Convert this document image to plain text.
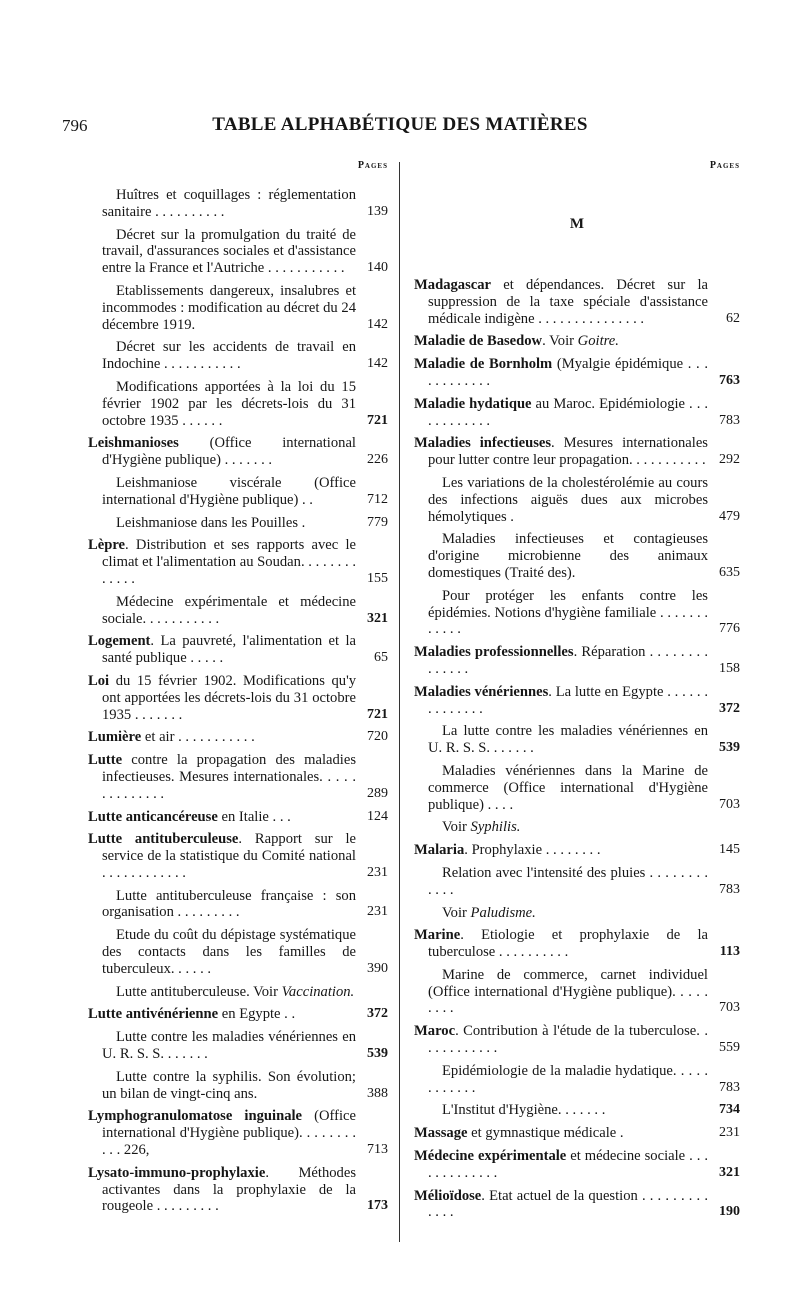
796	TABLE ALPHABÉTIQUE DES MATIÈRES
Pages
Huîtres et coquillages : réglementation sanitaire . . . . . . . . . .	139
Décret sur la promulgation du traité de travail, d'assurances sociales et d'assistance entre la France et l'Autriche . . . . . . . . . . . 140
Etablissements dangereux, insalubres et incommodes : modification au décret du 24 décembre 1919.	142
Décret sur les accidents de travail en Indochine . . . . . . . . . . .	142
Modifications apportées à la loi du 15 février 1902 par les décrets-lois du 31 octobre 1935 . . . . . .	721
Leishmanioses (Office international d'Hygiène publique) . . . . . . .	226
Leishmaniose viscérale (Office international d'Hygiène publique) . .	712
Leishmaniose dans les Pouilles .	779
Lèpre. Distribution et ses rapports avec le climat et l'alimentation au Soudan. . . . . . . . . . . . .	155
Médecine expérimentale et médecine sociale. . . . . . . . . . .	321
Logement. La pauvreté, l'alimentation et la santé publique . . . . .	65
Loi du 15 février 1902. Modifications qu'y ont apportées les décrets-lois du 31 octobre 1935 . . . . . . .	721
Lumière et air . . . . . . . . . . .	720
Lutte contre la propagation des maladies infectieuses. Mesures internationales. . . . . . . . . . . . . .	289
Lutte anticancéreuse en Italie . . .	124
Lutte antituberculeuse. Rapport sur le service de la statistique du Comité national . . . . . . . . . . . .	231
Lutte antituberculeuse française : son organisation . . . . . . . . .	231
Etude du coût du dépistage systématique des contacts dans les familles de tuberculeux. . . . . .	390
Lutte antituberculeuse. Voir Vaccination.
Lutte antivénérienne en Egypte . .	372
Lutte contre les maladies vénériennes en U. R. S. S. . . . . . .	539
Lutte contre la syphilis. Son évolution; un bilan de vingt-cinq ans.	388
Lymphogranulomatose inguinale (Office international d'Hygiène publique). . . . . . . . . . . 226,	713
Lysato-immuno-prophylaxie. Méthodes activantes dans la prophylaxie de la rougeole . . . . . . . . .	173
Pages
M
Madagascar et dépendances. Décret sur la suppression de la taxe spéciale d'assistance médicale indigène . . . . . . . . . . . . . . .	62
Maladie de Basedow. Voir Goitre.
Maladie de Bornholm (Myalgie épidémique . . . . . . . . . . . .	763
Maladie hydatique au Maroc. Epidémiologie . . . . . . . . . . . .	783
Maladies infectieuses. Mesures internationales pour lutter contre leur propagation. . . . . . . . . . . 292
Les variations de la cholestérolémie au cours des infections aiguës dues aux microbes hémolytiques .	479
Maladies infectieuses et contagieuses d'origine microbienne des animaux domestiques (Traité des).	635
Pour protéger les enfants contre les épidémies. Notions d'hygiène familiale . . . . . . . . . . . .	776
Maladies professionnelles. Réparation . . . . . . . . . . . . . .	158
Maladies vénériennes. La lutte en Egypte . . . . . . . . . . . . . .	372
La lutte contre les maladies vénériennes en U. R. S. S. . . . . . .	539
Maladies vénériennes dans la Marine de commerce (Office international d'Hygiène publique) . . . .	703
Voir Syphilis.
Malaria. Prophylaxie . . . . . . . .	145
Relation avec l'intensité des pluies . . . . . . . . . . . .	783
Voir Paludisme.
Marine. Etiologie et prophylaxie de la tuberculose . . . . . . . . . .	113
Marine de commerce, carnet individuel (Office international d'Hygiène publique). . . . . . . . .	703
Maroc. Contribution à l'étude de la tuberculose. . . . . . . . . . . .	559
Epidémiologie de la maladie hydatique. . . . . . . . . . . .	783
L'Institut d'Hygiène. . . . . . .	734
Massage et gymnastique médicale .	231
Médecine expérimentale et médecine sociale . . . . . . . . . . . . .	321
Mélioïdose. Etat actuel de la question . . . . . . . . . . . . .	190
